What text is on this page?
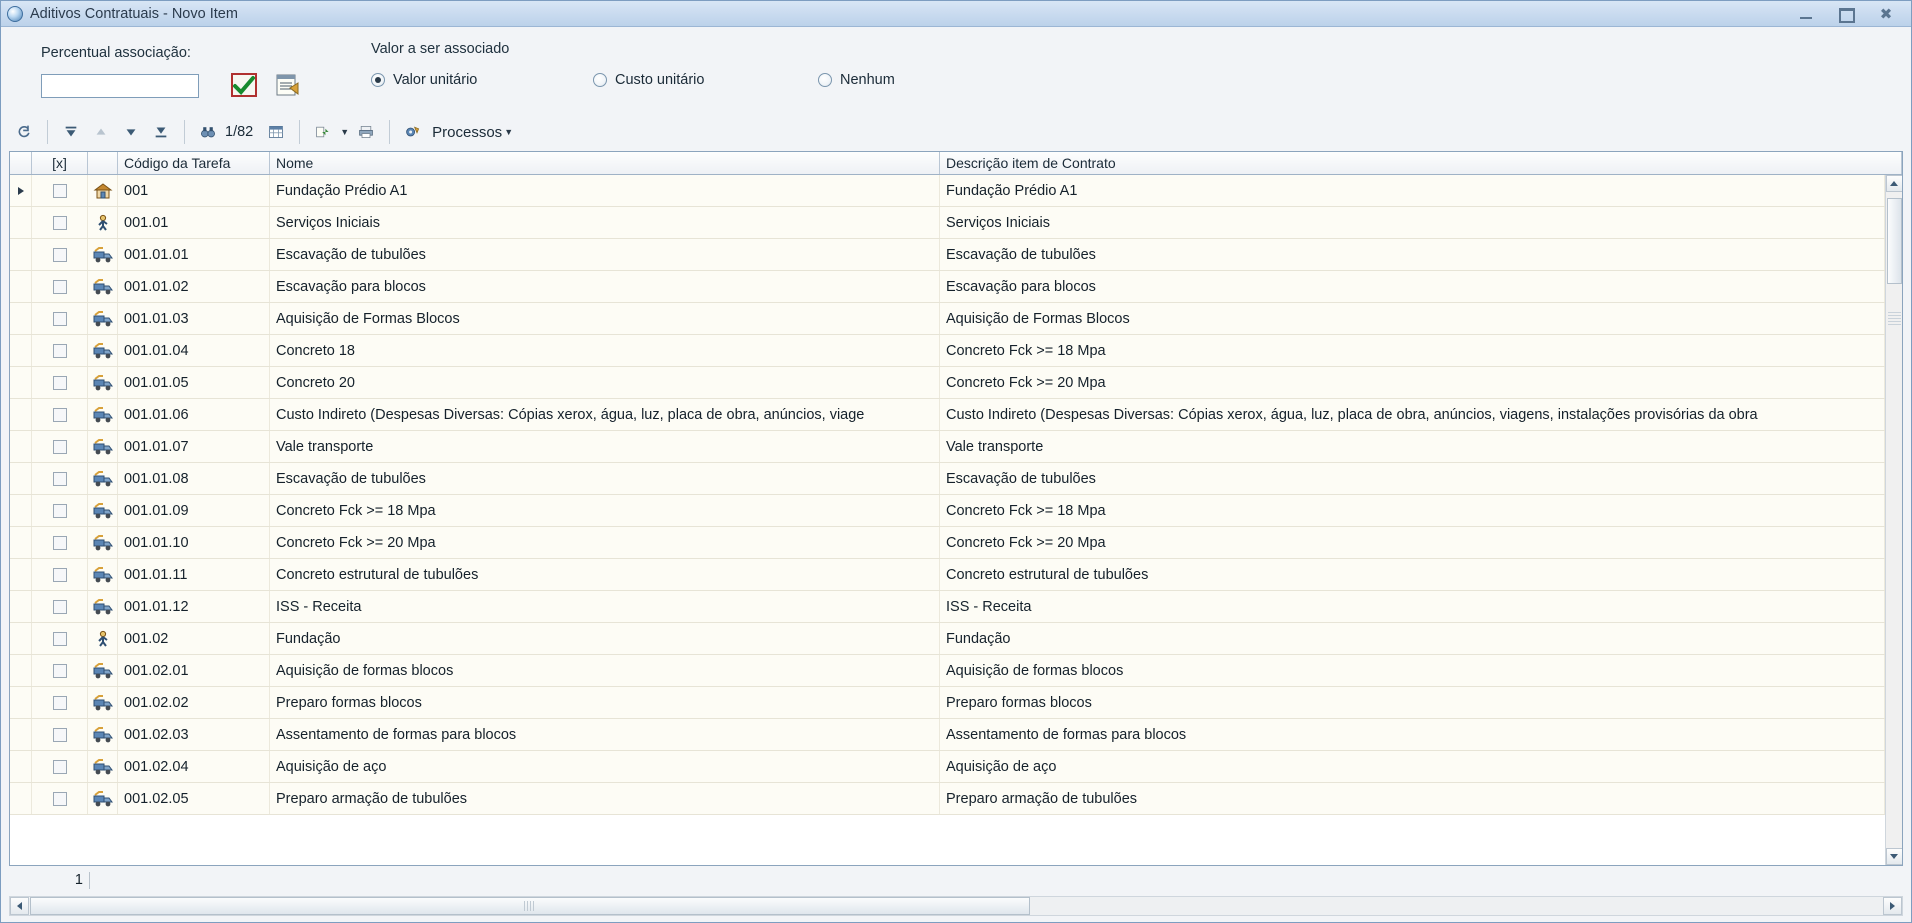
Aditivos Contratuais - Novo Item	✖
Percentual associação:	Valor a ser associado
Valor unitário	Custo unitário	Nenhum
1/82	▼	Processos ▼
[x]	Código da Tarefa	Nome	Descrição item de Contrato
001	Fundação Prédio A1	Fundação Prédio A1
001.01	Serviços Iniciais	Serviços Iniciais
001.01.01	Escavação de tubulões	Escavação de tubulões
001.01.02	Escavação para blocos	Escavação para blocos
001.01.03	Aquisição de Formas Blocos	Aquisição de Formas Blocos
001.01.04	Concreto 18	Concreto Fck >= 18 Mpa
001.01.05	Concreto 20	Concreto Fck >= 20 Mpa
001.01.06	Custo Indireto (Despesas Diversas: Cópias xerox, água, luz, placa de obra, anúncios, viage	Custo Indireto (Despesas Diversas: Cópias xerox, água, luz, placa de obra, anúncios, viagens, instalações provisórias da obra
001.01.07	Vale transporte	Vale transporte
001.01.08	Escavação de tubulões	Escavação de tubulões
001.01.09	Concreto Fck >= 18 Mpa	Concreto Fck >= 18 Mpa
001.01.10	Concreto Fck >= 20 Mpa	Concreto Fck >= 20 Mpa
001.01.11	Concreto estrutural de tubulões	Concreto estrutural de tubulões
001.01.12	ISS - Receita	ISS - Receita
001.02	Fundação	Fundação
001.02.01	Aquisição de formas blocos	Aquisição de formas blocos
001.02.02	Preparo formas blocos	Preparo formas blocos
001.02.03	Assentamento de formas para blocos	Assentamento de formas para blocos
001.02.04	Aquisição de aço	Aquisição de aço
001.02.05	Preparo armação de tubulões	Preparo armação de tubulões
1
